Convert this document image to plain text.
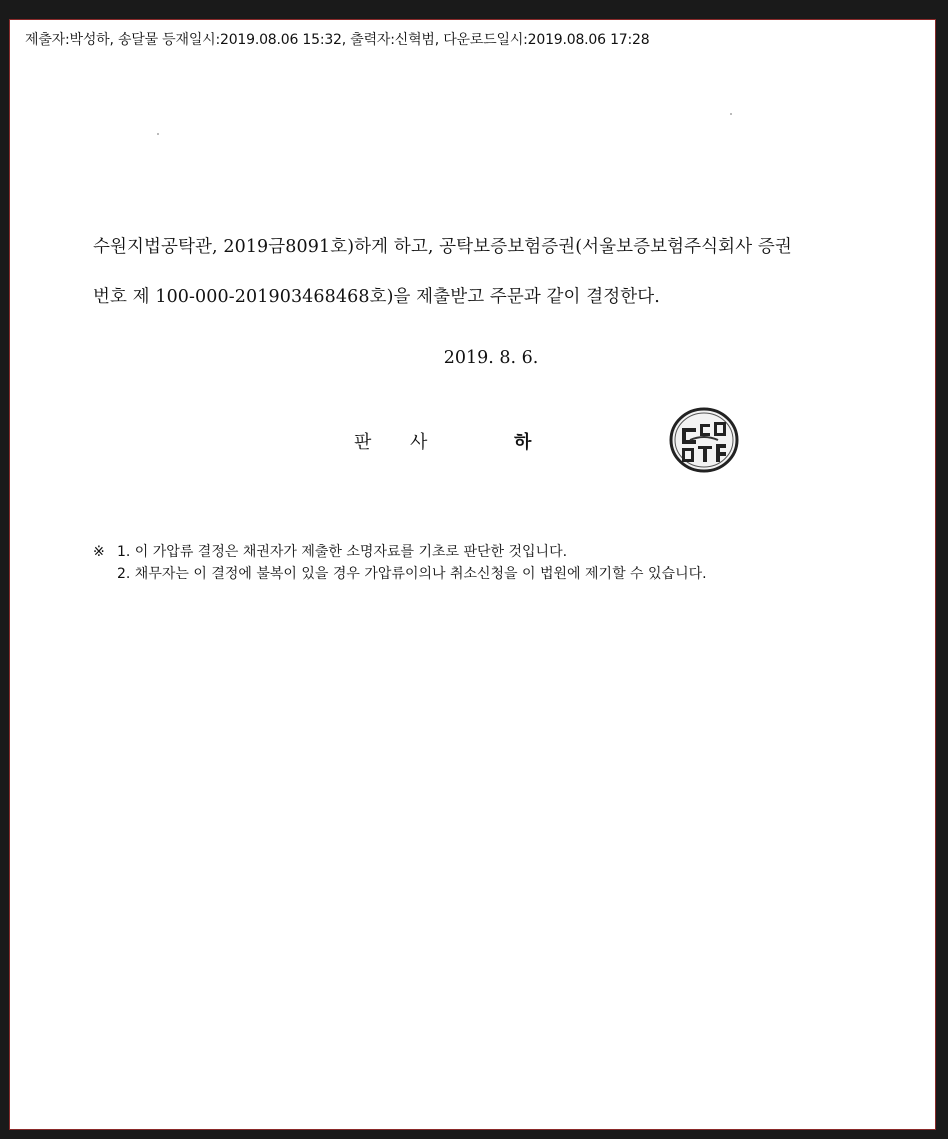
제출자:박성하, 송달물 등재일시:2019.08.06 15:32, 출력자:신혁범, 다운로드일시:2019.08.06 17:28
수원지법공탁관, 2019금8091호)하게 하고, 공탁보증보험증권(서울보증보험주식회사 증권
번호 제 100-000-201903468468호)을 제출받고 주문과 같이 결정한다.
2019. 8. 6.
판 사	하
※ 1. 이 가압류 결정은 채권자가 제출한 소명자료를 기초로 판단한 것입니다.
2. 채무자는 이 결정에 불복이 있을 경우 가압류이의나 취소신청을 이 법원에 제기할 수 있습니다.
